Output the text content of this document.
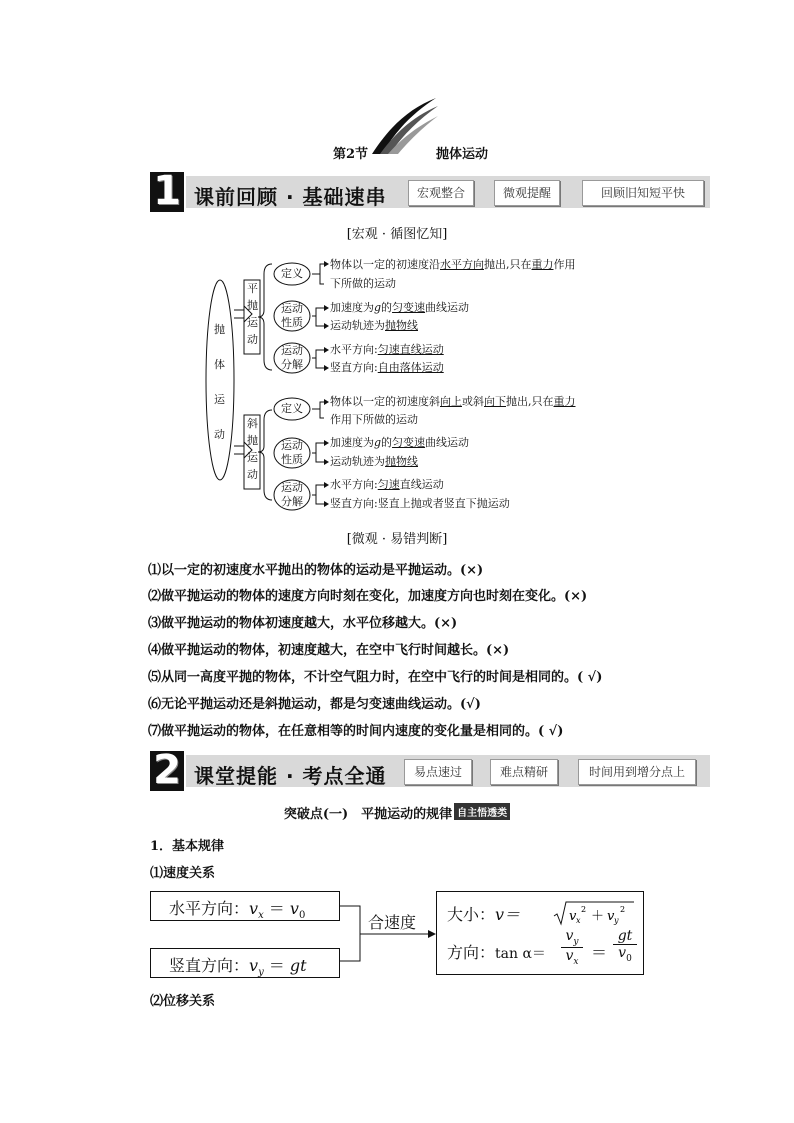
第2节	抛体运动
1 课前回顾 · 基础速串	宏观整合	微观提醒	回顾旧知短平快
[宏观 · 循图忆知]
抛
体
运
动
平
抛
运
动
斜
抛
运
动
定义
运动
性质
运动
分解
定义
运动
性质
运动
分解
物体以一定的初速度沿水平方向抛出,只在重力作用
下所做的运动
加速度为g的匀变速曲线运动
运动轨迹为抛物线
水平方向:匀速直线运动
竖直方向:自由落体运动
物体以一定的初速度斜向上或斜向下抛出,只在重力
作用下所做的运动
加速度为g的匀变速曲线运动
运动轨迹为抛物线
水平方向:匀速直线运动
竖直方向:竖直上抛或者竖直下抛运动
[微观 · 易错判断]
⑴以一定的初速度水平抛出的物体的运动是平抛运动。(×)
⑵做平抛运动的物体的速度方向时刻在变化，加速度方向也时刻在变化。(×)
⑶做平抛运动的物体初速度越大，水平位移越大。(×)
⑷做平抛运动的物体，初速度越大，在空中飞行时间越长。(×)
⑸从同一高度平抛的物体，不计空气阻力时，在空中飞行的时间是相同的。( √)
⑹无论平抛运动还是斜抛运动，都是匀变速曲线运动。(√)
⑺做平抛运动的物体，在任意相等的时间内速度的变化量是相同的。( √)
2 课堂提能 · 考点全通	易点速过	难点精研	时间用到增分点上
突破点(一)　平抛运动的规律 自主悟透类
1．基本规律
⑴速度关系
水平方向：$v_x = v_0$
竖直方向：$v_y$ ＝ gt
合速度 大小：v＝	v x
2 ＋ v y
2
方向：tan α＝
$v_y$
$v_x$ ＝
gt
$v_0$
⑵位移关系
